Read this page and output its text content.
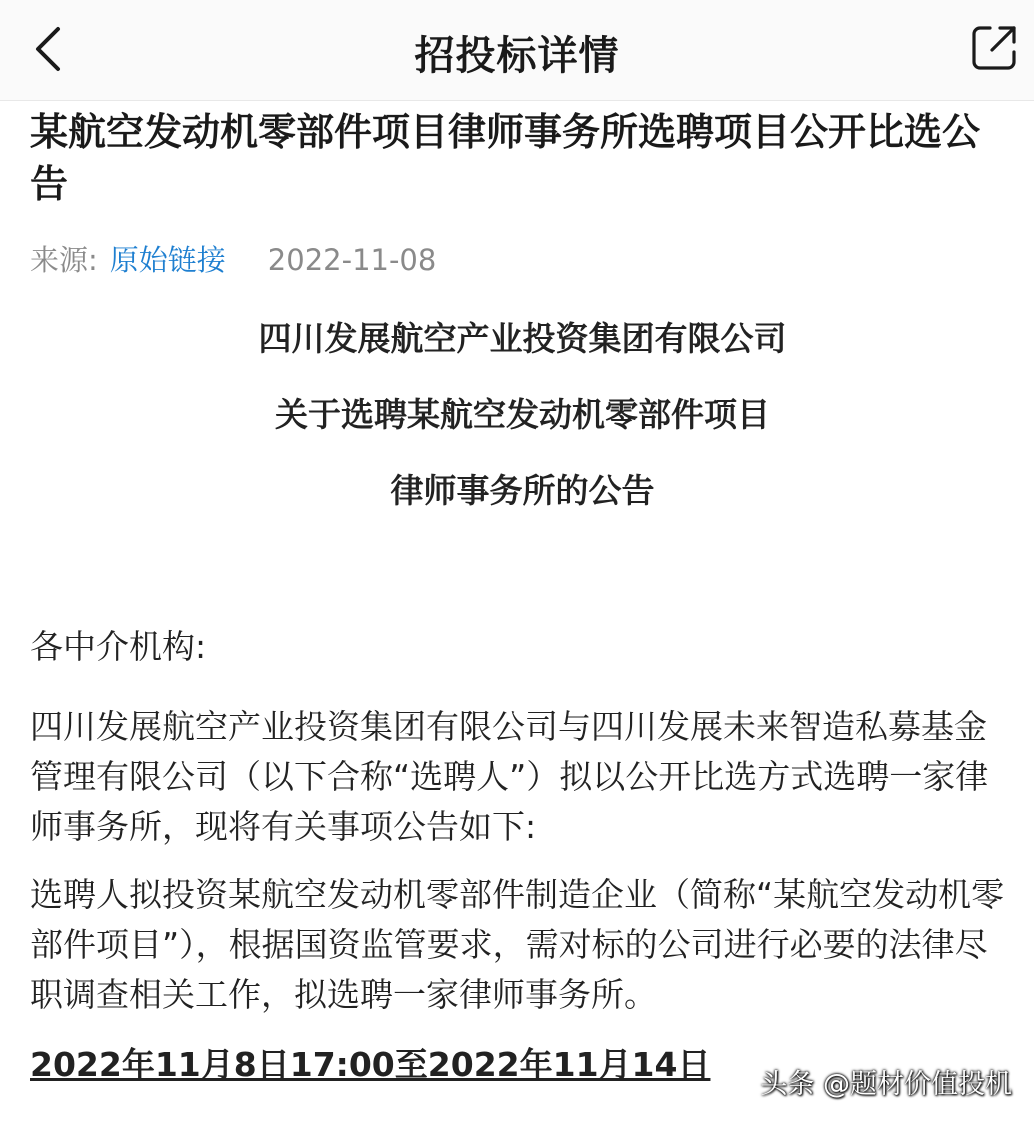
招投标详情
某航空发动机零部件项目律师事务所选聘项目公开比选公告
来源: 原始链接 2022-11-08

四川发展航空产业投资集团有限公司

关于选聘某航空发动机零部件项目

律师事务所的公告

各中介机构:

四川发展航空产业投资集团有限公司与四川发展未来智造私募基金管理有限公司（以下合称“选聘人”）拟以公开比选方式选聘一家律师事务所，现将有关事项公告如下:

选聘人拟投资某航空发动机零部件制造企业（简称“某航空发动机零部件项目”），根据国资监管要求，需对标的公司进行必要的法律尽职调查相关工作，拟选聘一家律师事务所。

2022年11月8日17:00至2022年11月14日
头条 @题材价值投机
